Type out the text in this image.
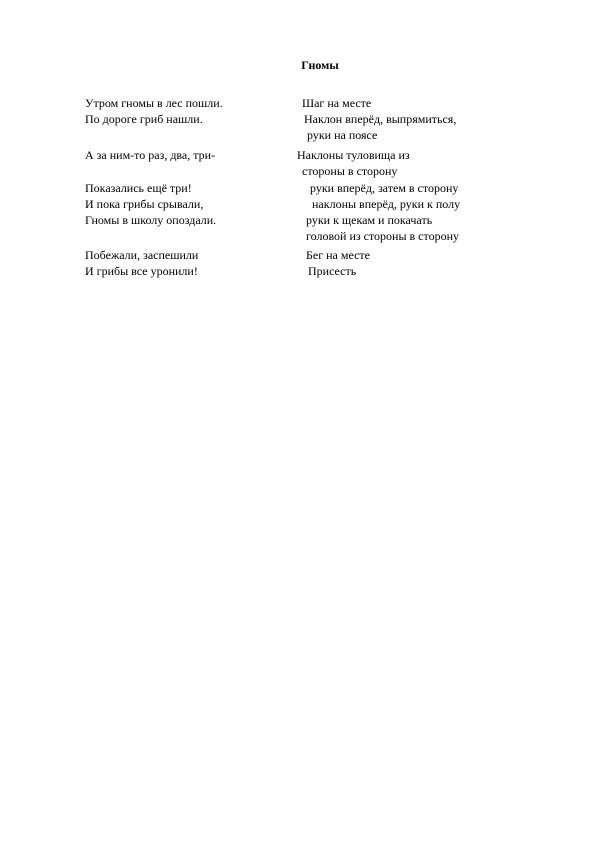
Гномы
Утром гномы в лес пошли.
По дороге гриб нашли.
Шаг на месте
Наклон вперёд, выпрямиться,
руки на поясе
А за ним-то раз, два, три-	Наклоны туловища из
стороны в сторону
Показались ещё три!
И пока грибы срывали,
Гномы в школу опоздали.
руки вперёд, затем в сторону
наклоны вперёд, руки к полу
руки к щекам и покачать
головой из стороны в сторону
Побежали, заспешили
И грибы все уронили!
Бег на месте
Присесть
